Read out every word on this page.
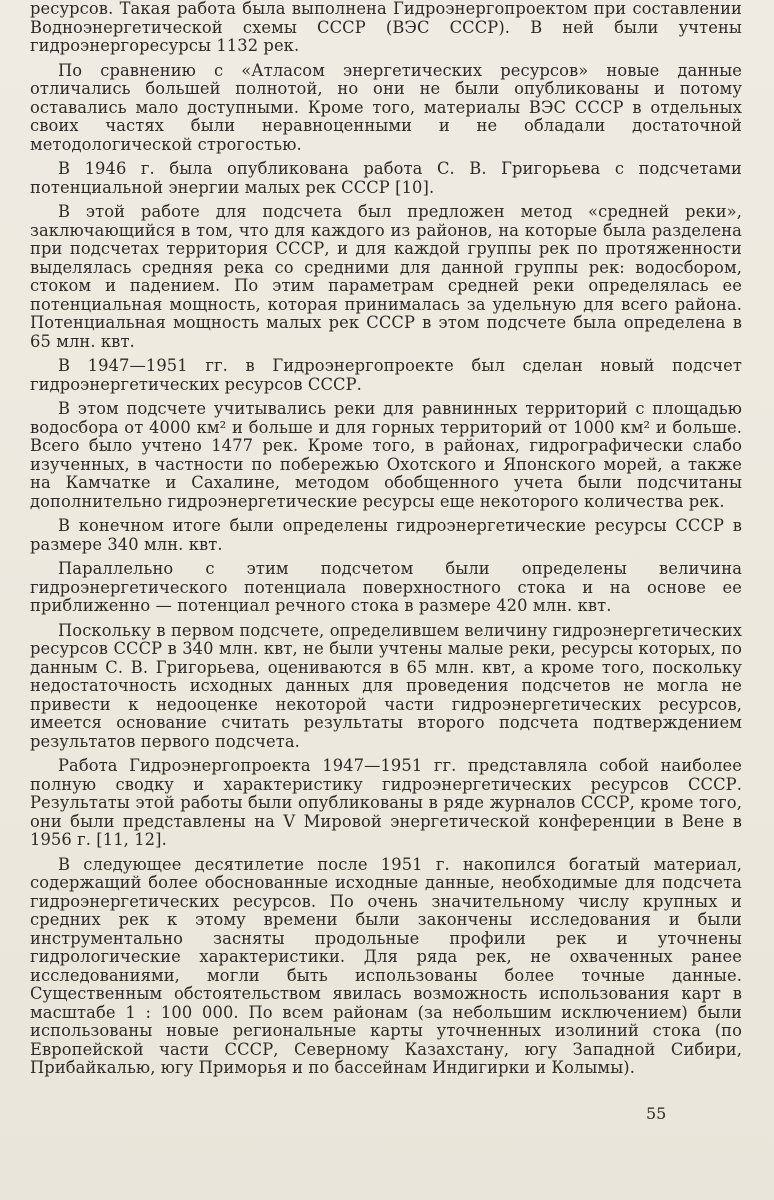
ресурсов. Такая работа была выполнена Гидроэнергопроектом при составлении Водноэнергетической схемы СССР (ВЭС СССР). В ней были учтены гидроэнергоресурсы 1132 рек.

По сравнению с «Атласом энергетических ресурсов» новые данные отличались большей полнотой, но они не были опубликованы и потому оставались мало доступными. Кроме того, материалы ВЭС СССР в отдельных своих частях были неравноценными и не обладали достаточной методологической строгостью.

В 1946 г. была опубликована работа С. В. Григорьева с подсчетами потенциальной энергии малых рек СССР [10].

В этой работе для подсчета был предложен метод «средней реки», заключающийся в том, что для каждого из районов, на которые была разделена при подсчетах территория СССР, и для каждой группы рек по протяженности выделялась средняя река со средними для данной группы рек: водосбором, стоком и падением. По этим параметрам средней реки определялась ее потенциальная мощность, которая принималась за удельную для всего района. Потенциальная мощность малых рек СССР в этом подсчете была определена в 65 млн. квт.

В 1947—1951 гг. в Гидроэнергопроекте был сделан новый подсчет гидроэнергетических ресурсов СССР.

В этом подсчете учитывались реки для равнинных территорий с площадью водосбора от 4000 км² и больше и для горных территорий от 1000 км² и больше. Всего было учтено 1477 рек. Кроме того, в районах, гидрографически слабо изученных, в частности по побережью Охотского и Японского морей, а также на Камчатке и Сахалине, методом обобщенного учета были подсчитаны дополнительно гидроэнергетические ресурсы еще некоторого количества рек.

В конечном итоге были определены гидроэнергетические ресурсы СССР в размере 340 млн. квт.

Параллельно с этим подсчетом были определены величина гидроэнергетического потенциала поверхностного стока и на основе ее приближенно — потенциал речного стока в размере 420 млн. квт.

Поскольку в первом подсчете, определившем величину гидроэнергетических ресурсов СССР в 340 млн. квт, не были учтены малые реки, ресурсы которых, по данным С. В. Григорьева, оцениваются в 65 млн. квт, а кроме того, поскольку недостаточность исходных данных для проведения подсчетов не могла не привести к недооценке некоторой части гидроэнергетических ресурсов, имеется основание считать результаты второго подсчета подтверждением результатов первого подсчета.

Работа Гидроэнергопроекта 1947—1951 гг. представляла собой наиболее полную сводку и характеристику гидроэнергетических ресурсов СССР. Результаты этой работы были опубликованы в ряде журналов СССР, кроме того, они были представлены на V Мировой энергетической конференции в Вене в 1956 г. [11, 12].

В следующее десятилетие после 1951 г. накопился богатый материал, содержащий более обоснованные исходные данные, необходимые для подсчета гидроэнергетических ресурсов. По очень значительному числу крупных и средних рек к этому времени были закончены исследования и были инструментально засняты продольные профили рек и уточнены гидрологические характеристики. Для ряда рек, не охваченных ранее исследованиями, могли быть использованы более точные данные. Существенным обстоятельством явилась возможность использования карт в масштабе 1 : 100 000. По всем районам (за небольшим исключением) были использованы новые региональные карты уточненных изолиний стока (по Европейской части СССР, Северному Казахстану, югу Западной Сибири, Прибайкалью, югу Приморья и по бассейнам Индигирки и Колымы).

55
